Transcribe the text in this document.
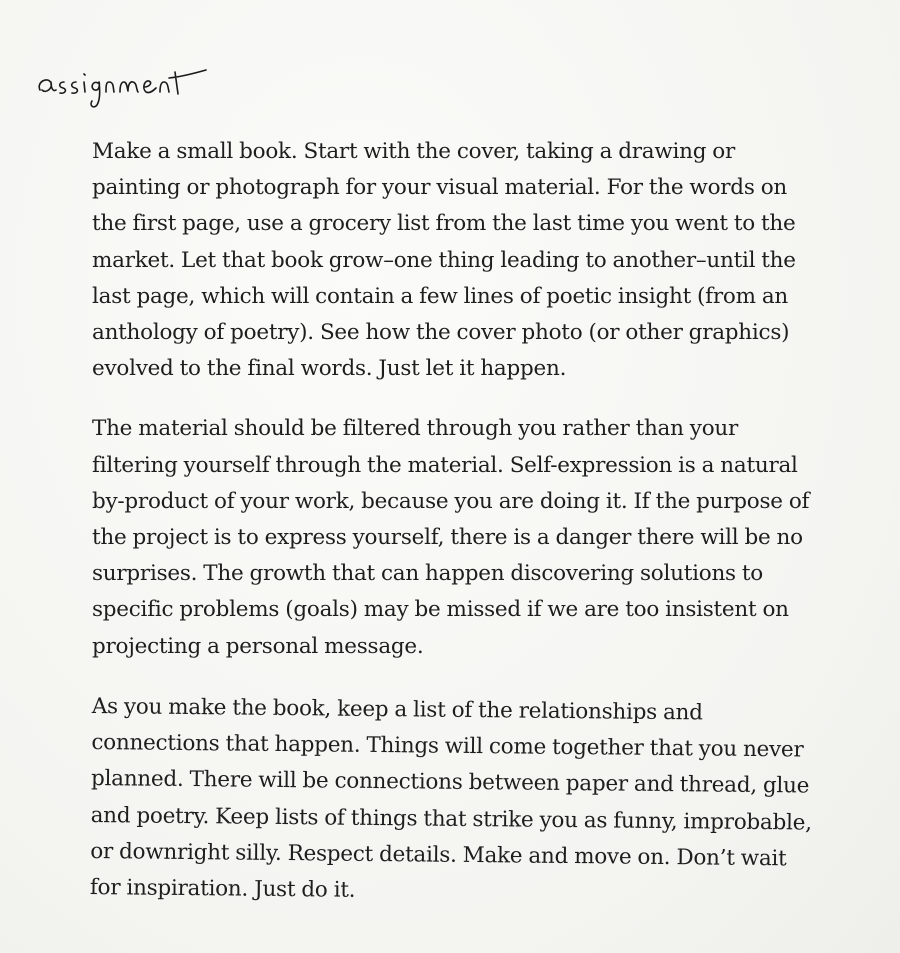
Make a small book. Start with the cover, taking a drawing or
painting or photograph for your visual material. For the words on
the first page, use a grocery list from the last time you went to the
market. Let that book grow–one thing leading to another–until the
last page, which will contain a few lines of poetic insight (from an
anthology of poetry). See how the cover photo (or other graphics)
evolved to the final words. Just let it happen.

The material should be filtered through you rather than your
filtering yourself through the material. Self-expression is a natural
by-product of your work, because you are doing it. If the purpose of
the project is to express yourself, there is a danger there will be no
surprises. The growth that can happen discovering solutions to
specific problems (goals) may be missed if we are too insistent on
projecting a personal message.

As you make the book, keep a list of the relationships and
connections that happen. Things will come together that you never
planned. There will be connections between paper and thread, glue
and poetry. Keep lists of things that strike you as funny, improbable,
or downright silly. Respect details. Make and move on. Don’t wait
for inspiration. Just do it.
